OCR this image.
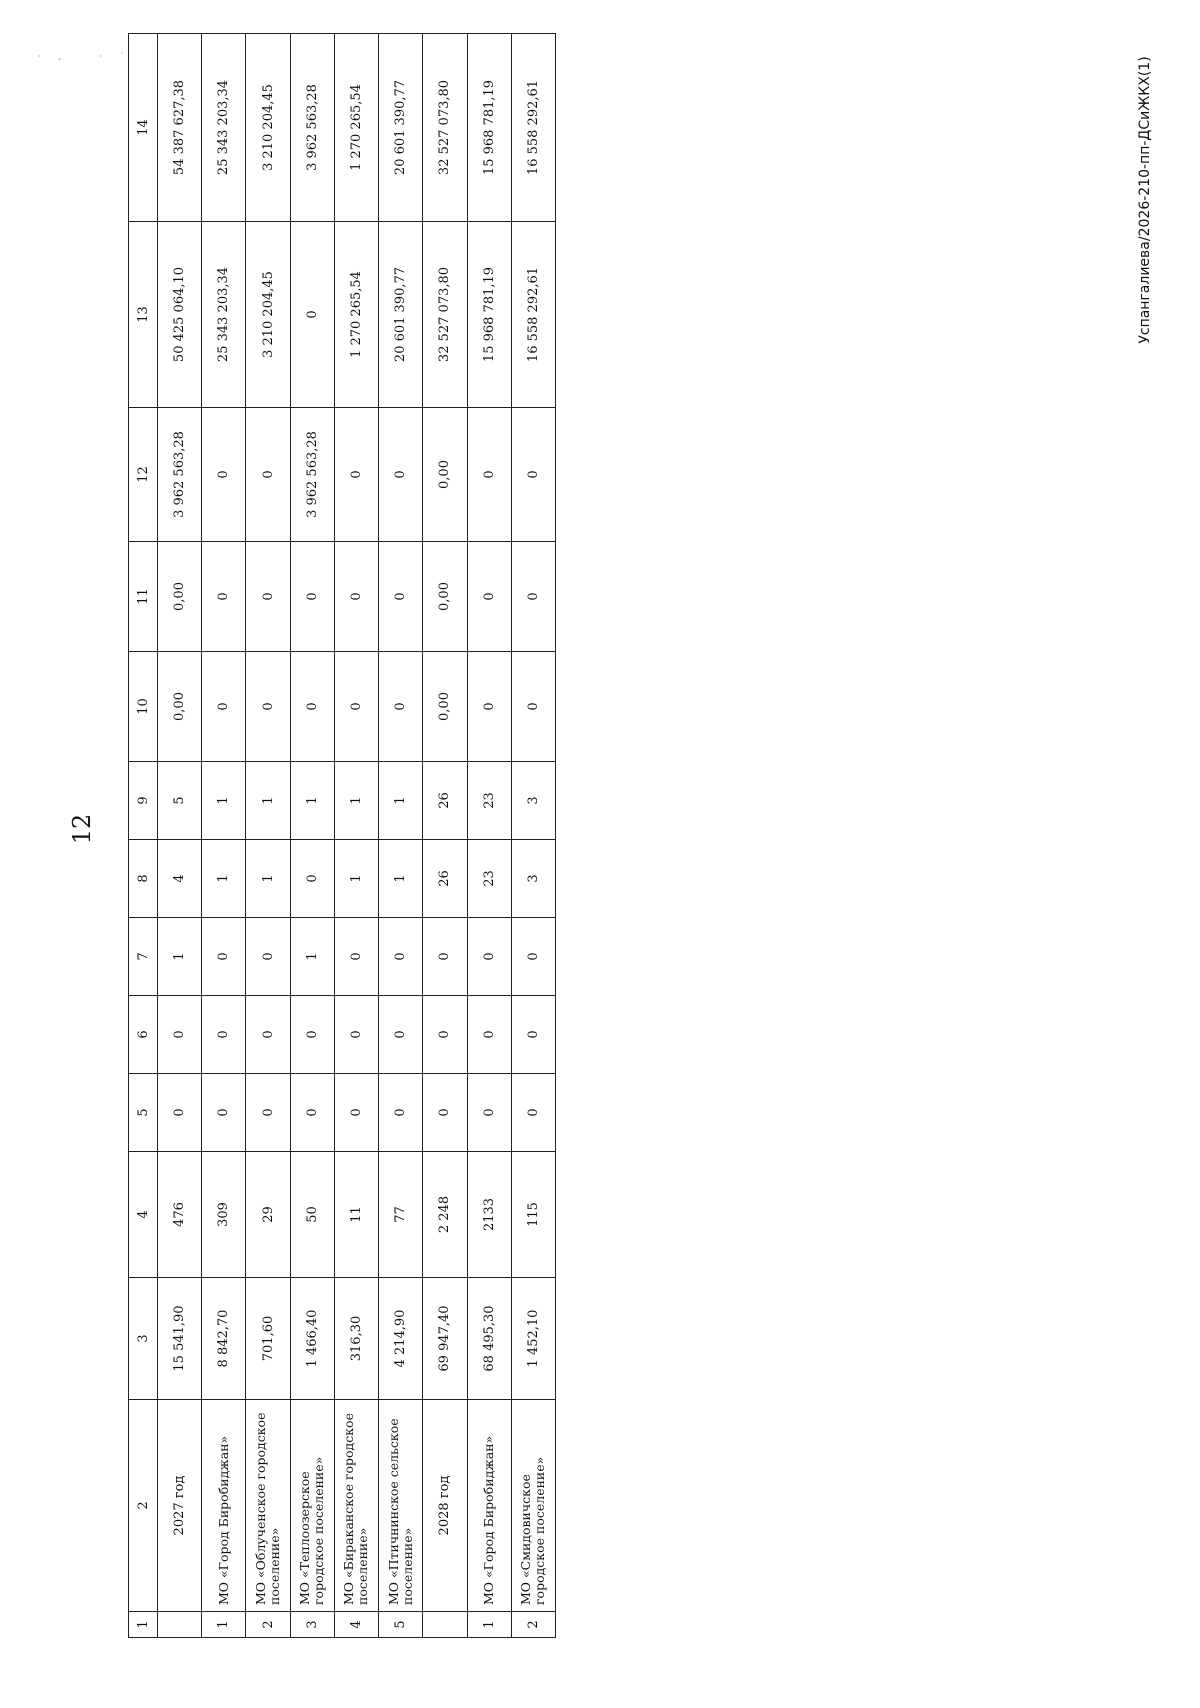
·‚ ·˙
12
Успангалиева/2026-210-пп-ДСиЖКХ(1)
1	2	3	4	5	6	7	8	9	10	11	12	13	14
	2027 год	15 541,90	476	0	0	1	4	5	0,00	0,00	3 962 563,28	50 425 064,10	54 387 627,38
1	МО «Город Биробиджан»	8 842,70	309	0	0	0	1	1	0	0	0	25 343 203,34	25 343 203,34
2	МО «Облученское городское поселение»	701,60	29	0	0	0	1	1	0	0	0	3 210 204,45	3 210 204,45
3	МО «Теплоозерское городское поселение»	1 466,40	50	0	0	1	0	1	0	0	3 962 563,28	0	3 962 563,28
4	МО «Бираканское городское поселение»	316,30	11	0	0	0	1	1	0	0	0	1 270 265,54	1 270 265,54
5	МО «Птичнинское сельское поселение»	4 214,90	77	0	0	0	1	1	0	0	0	20 601 390,77	20 601 390,77
	2028 год	69 947,40	2 248	0	0	0	26	26	0,00	0,00	0,00	32 527 073,80	32 527 073,80
1	МО «Город Биробиджан»	68 495,30	2133	0	0	0	23	23	0	0	0	15 968 781,19	15 968 781,19
2	МО «Смидовичское городское поселение»	1 452,10	115	0	0	0	3	3	0	0	0	16 558 292,61	16 558 292,61
